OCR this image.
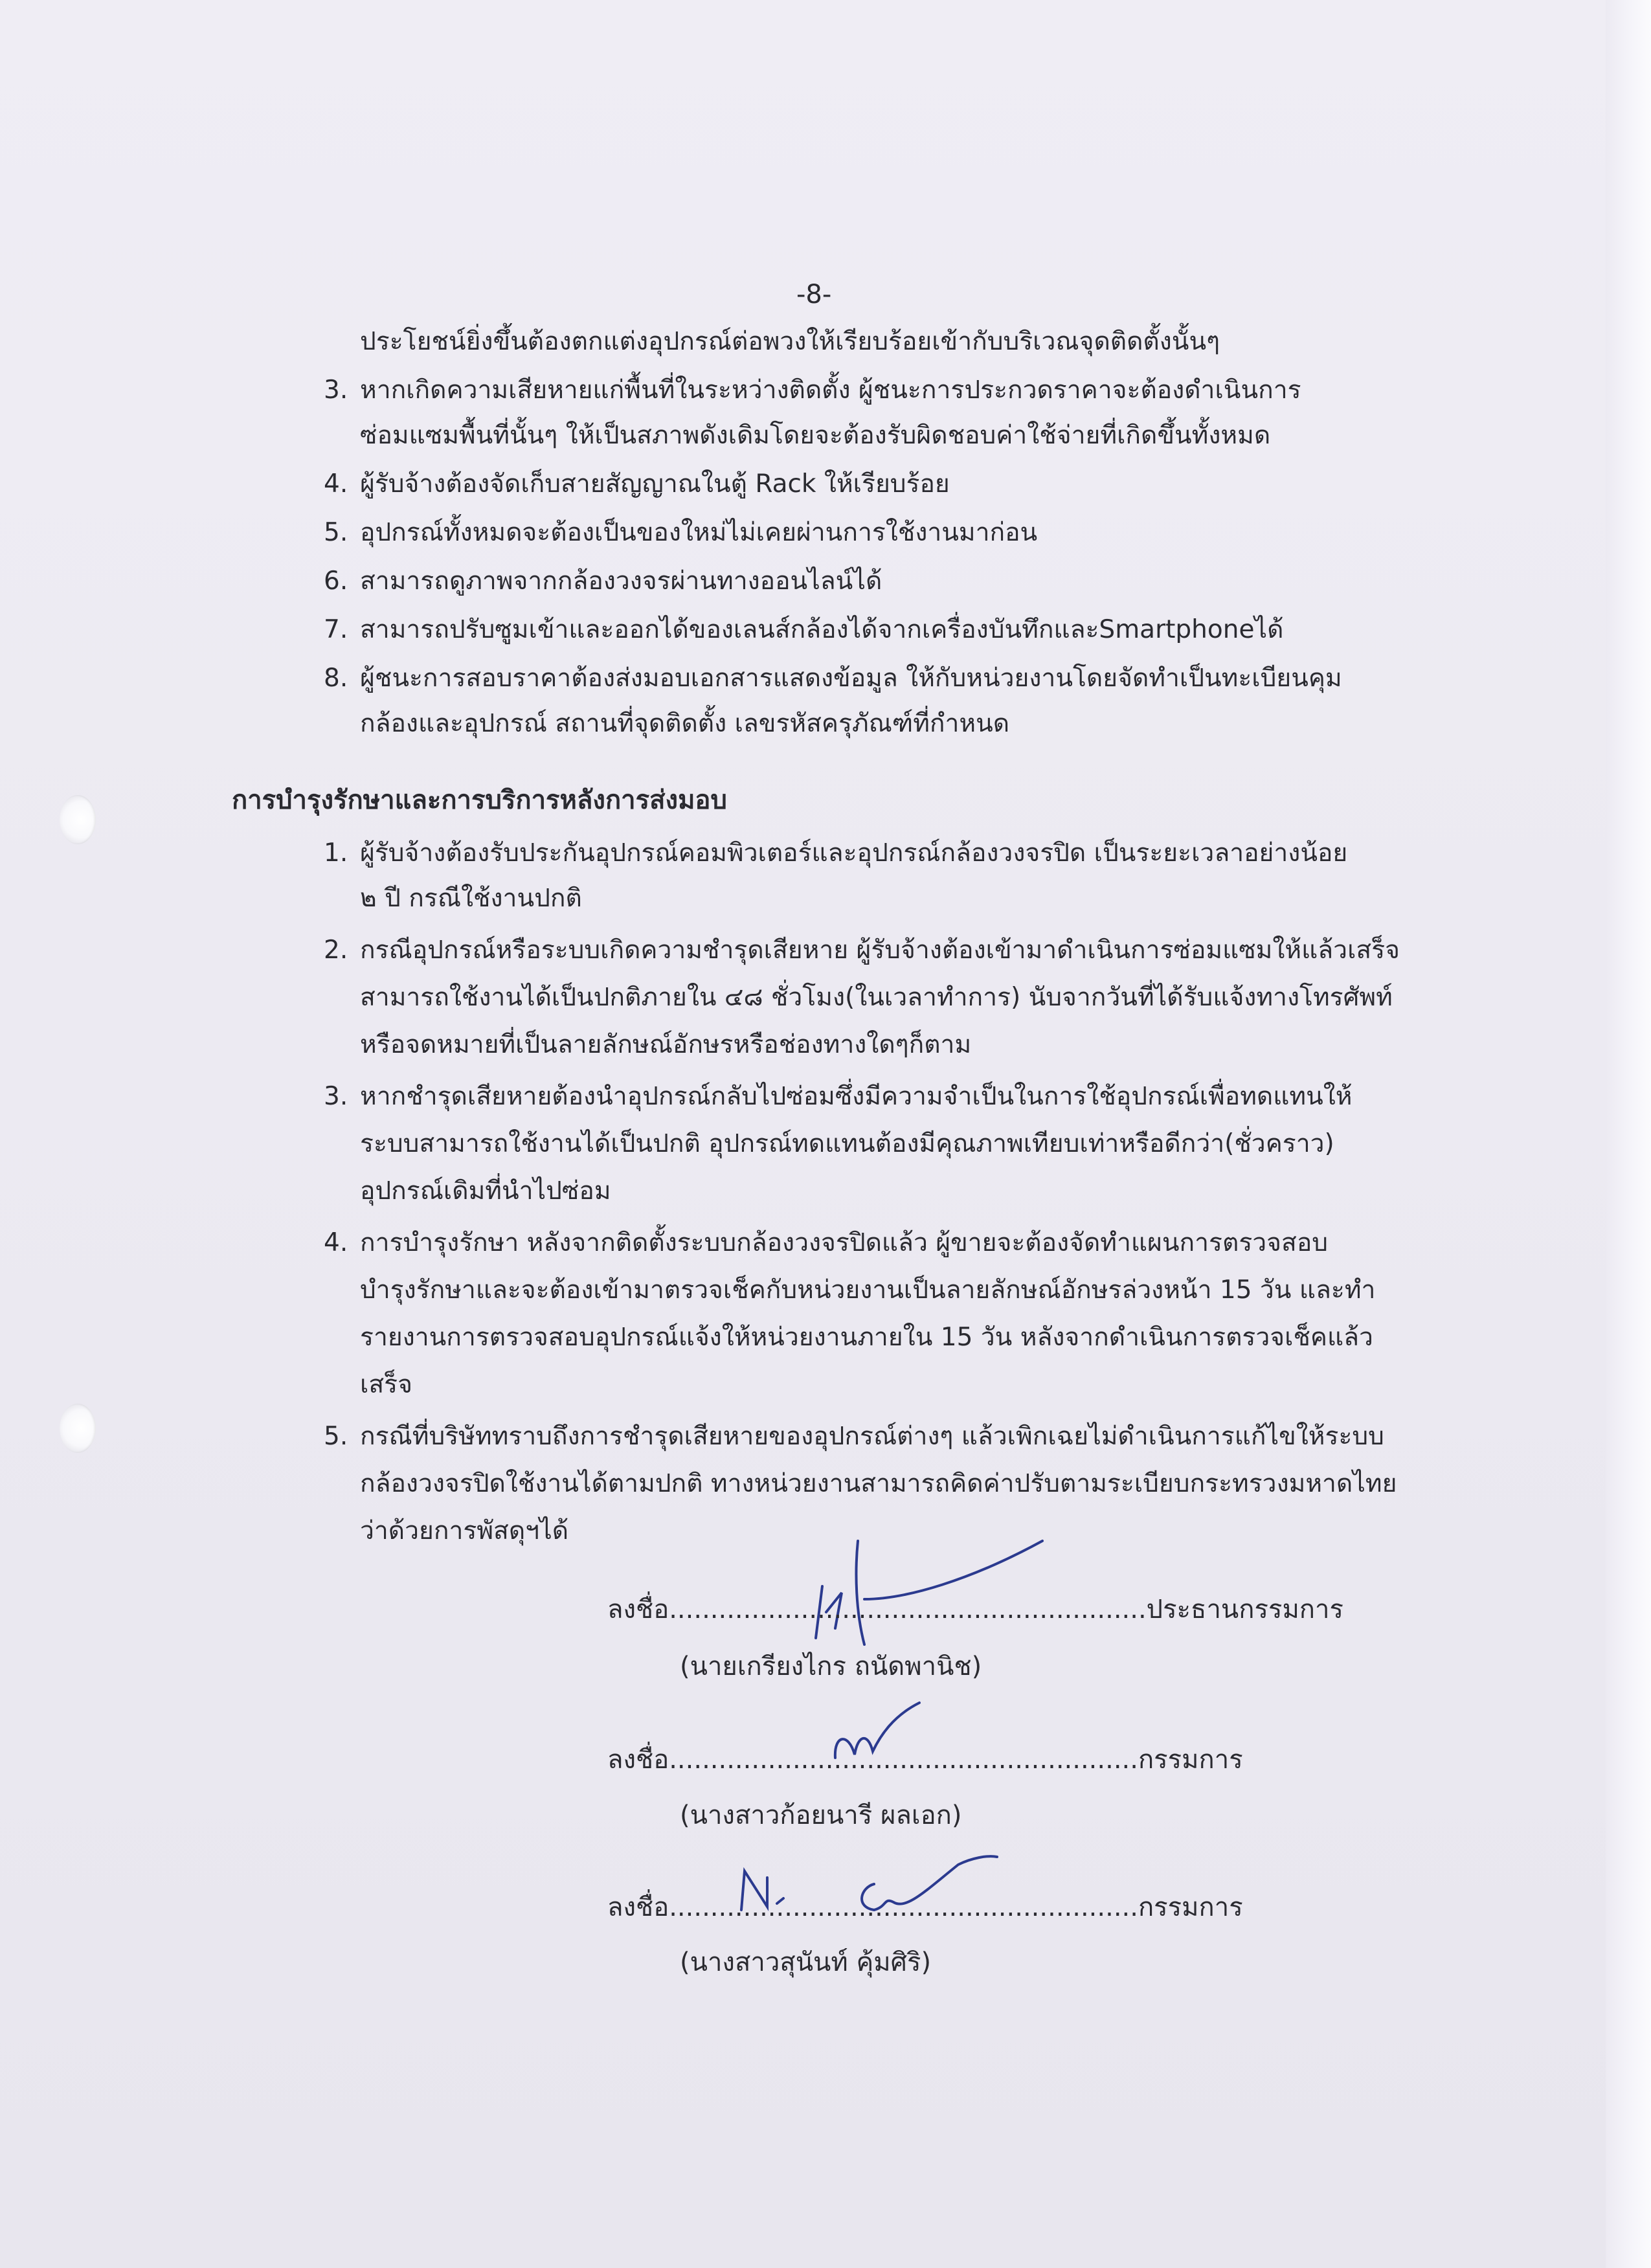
-8-
ประโยชน์ยิ่งขึ้นต้องตกแต่งอุปกรณ์ต่อพวงให้เรียบร้อยเข้ากับบริเวณจุดติดตั้งนั้นๆ
3. หากเกิดความเสียหายแก่พื้นที่ในระหว่างติดตั้ง ผู้ชนะการประกวดราคาจะต้องดำเนินการ
ซ่อมแซมพื้นที่นั้นๆ ให้เป็นสภาพดังเดิมโดยจะต้องรับผิดชอบค่าใช้จ่ายที่เกิดขึ้นทั้งหมด
4. ผู้รับจ้างต้องจัดเก็บสายสัญญาณในตู้ Rack ให้เรียบร้อย
5. อุปกรณ์ทั้งหมดจะต้องเป็นของใหม่ไม่เคยผ่านการใช้งานมาก่อน
6. สามารถดูภาพจากกล้องวงจรผ่านทางออนไลน์ได้
7. สามารถปรับซูมเข้าและออกได้ของเลนส์กล้องได้จากเครื่องบันทึกและSmartphoneได้
8. ผู้ชนะการสอบราคาต้องส่งมอบเอกสารแสดงข้อมูล ให้กับหน่วยงานโดยจัดทำเป็นทะเบียนคุม
กล้องและอุปกรณ์ สถานที่จุดติดตั้ง เลขรหัสครุภัณฑ์ที่กำหนด
การบำรุงรักษาและการบริการหลังการส่งมอบ
1. ผู้รับจ้างต้องรับประกันอุปกรณ์คอมพิวเตอร์และอุปกรณ์กล้องวงจรปิด เป็นระยะเวลาอย่างน้อย
๒ ปี กรณีใช้งานปกติ
2. กรณีอุปกรณ์หรือระบบเกิดความชำรุดเสียหาย ผู้รับจ้างต้องเข้ามาดำเนินการซ่อมแซมให้แล้วเสร็จ
สามารถใช้งานได้เป็นปกติภายใน ๔๘ ชั่วโมง(ในเวลาทำการ) นับจากวันที่ได้รับแจ้งทางโทรศัพท์
หรือจดหมายที่เป็นลายลักษณ์อักษรหรือช่องทางใดๆก็ตาม
3. หากชำรุดเสียหายต้องนำอุปกรณ์กลับไปซ่อมซึ่งมีความจำเป็นในการใช้อุปกรณ์เพื่อทดแทนให้
ระบบสามารถใช้งานได้เป็นปกติ อุปกรณ์ทดแทนต้องมีคุณภาพเทียบเท่าหรือดีกว่า(ชั่วคราว)
อุปกรณ์เดิมที่นำไปซ่อม
4. การบำรุงรักษา หลังจากติดตั้งระบบกล้องวงจรปิดแล้ว ผู้ขายจะต้องจัดทำแผนการตรวจสอบ
บำรุงรักษาและจะต้องเข้ามาตรวจเช็คกับหน่วยงานเป็นลายลักษณ์อักษรล่วงหน้า 15 วัน และทำ
รายงานการตรวจสอบอุปกรณ์แจ้งให้หน่วยงานภายใน 15 วัน หลังจากดำเนินการตรวจเช็คแล้ว
เสร็จ
5. กรณีที่บริษัททราบถึงการชำรุดเสียหายของอุปกรณ์ต่างๆ แล้วเพิกเฉยไม่ดำเนินการแก้ไขให้ระบบ
กล้องวงจรปิดใช้งานได้ตามปกติ ทางหน่วยงานสามารถคิดค่าปรับตามระเบียบกระทรวงมหาดไทย
ว่าด้วยการพัสดุฯได้
ลงชื่อ..........................................................ประธานกรรมการ
(นายเกรียงไกร ถนัดพานิช)
ลงชื่อ.........................................................กรรมการ
(นางสาวก้อยนารี ผลเอก)
ลงชื่อ.........................................................กรรมการ
(นางสาวสุนันท์ คุ้มศิริ)
